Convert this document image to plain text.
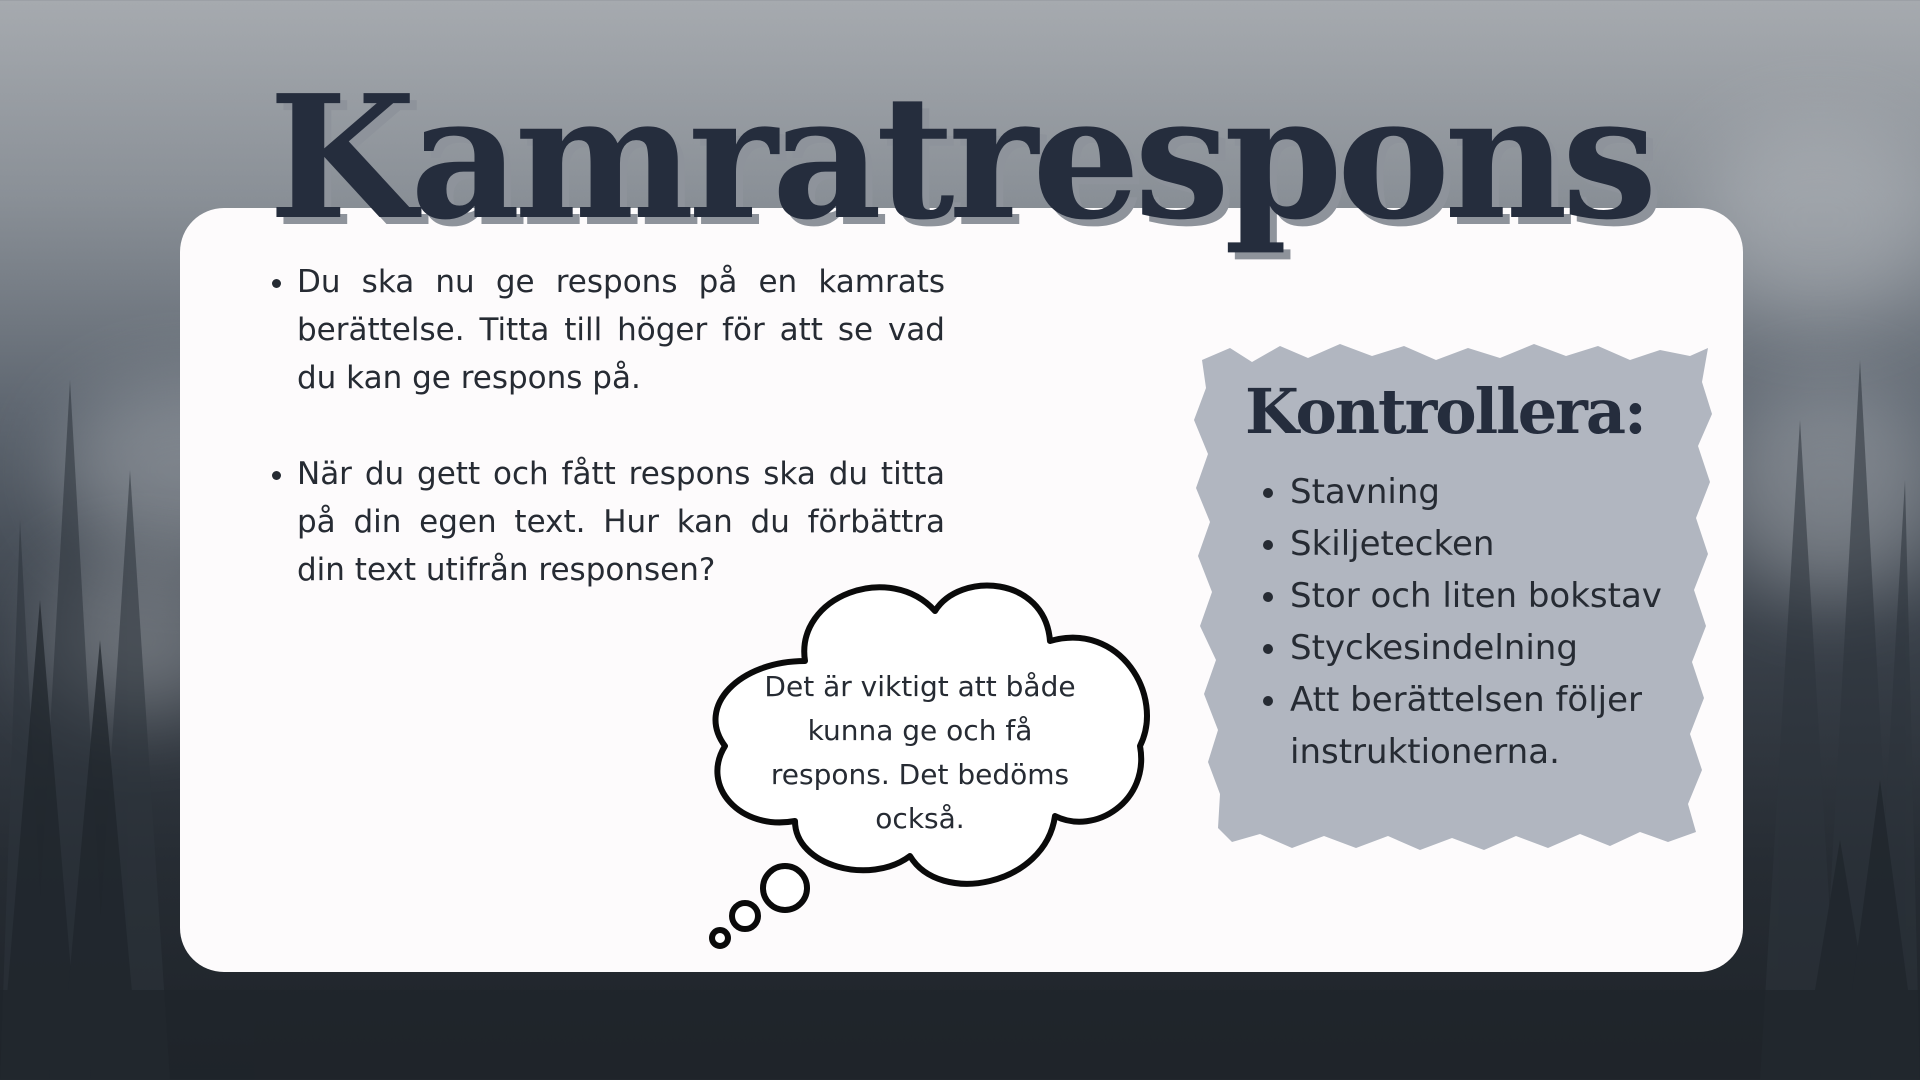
Kamratrespons
• Du ska nu ge respons på en kamrats berättelse. Titta till höger för att se vad du kan ge respons på.
• När du gett och fått respons ska du titta på din egen text. Hur kan du förbättra din text utifrån responsen?

Det är viktigt att både kunna ge och få respons. Det bedöms också.

Kontrollera:
• Stavning
• Skiljetecken
• Stor och liten bokstav
• Styckesindelning
• Att berättelsen följer instruktionerna.
